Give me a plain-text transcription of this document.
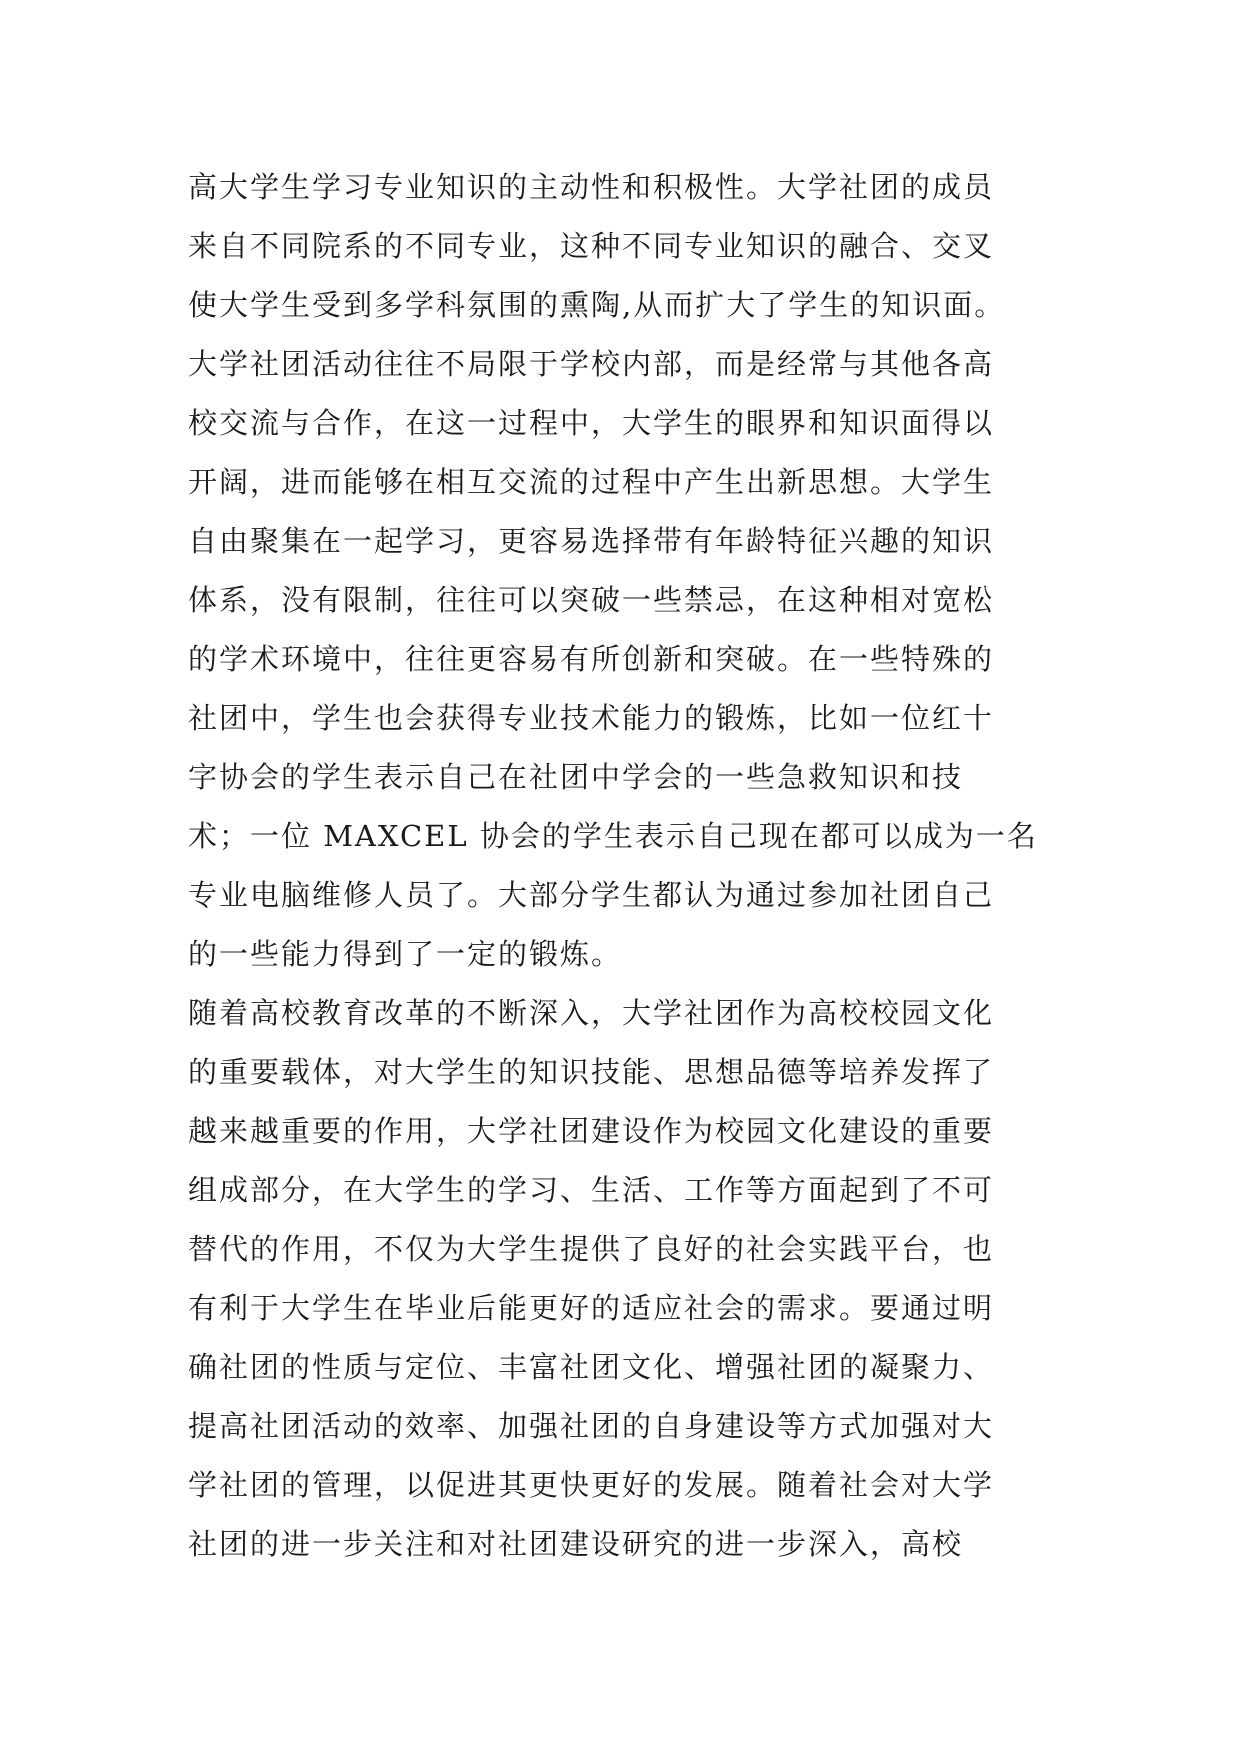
高大学生学习专业知识的主动性和积极性。大学社团的成员
来自不同院系的不同专业，这种不同专业知识的融合、交叉
使大学生受到多学科氛围的熏陶,从而扩大了学生的知识面。
大学社团活动往往不局限于学校内部，而是经常与其他各高
校交流与合作，在这一过程中，大学生的眼界和知识面得以
开阔，进而能够在相互交流的过程中产生出新思想。大学生
自由聚集在一起学习，更容易选择带有年龄特征兴趣的知识
体系，没有限制，往往可以突破一些禁忌，在这种相对宽松
的学术环境中，往往更容易有所创新和突破。在一些特殊的
社团中，学生也会获得专业技术能力的锻炼，比如一位红十
字协会的学生表示自己在社团中学会的一些急救知识和技
术；一位 MAXCEL 协会的学生表示自己现在都可以成为一名
专业电脑维修人员了。大部分学生都认为通过参加社团自己
的一些能力得到了一定的锻炼。
随着高校教育改革的不断深入，大学社团作为高校校园文化
的重要载体，对大学生的知识技能、思想品德等培养发挥了
越来越重要的作用，大学社团建设作为校园文化建设的重要
组成部分，在大学生的学习、生活、工作等方面起到了不可
替代的作用，不仅为大学生提供了良好的社会实践平台，也
有利于大学生在毕业后能更好的适应社会的需求。要通过明
确社团的性质与定位、丰富社团文化、增强社团的凝聚力、
提高社团活动的效率、加强社团的自身建设等方式加强对大
学社团的管理，以促进其更快更好的发展。随着社会对大学
社团的进一步关注和对社团建设研究的进一步深入，高校
